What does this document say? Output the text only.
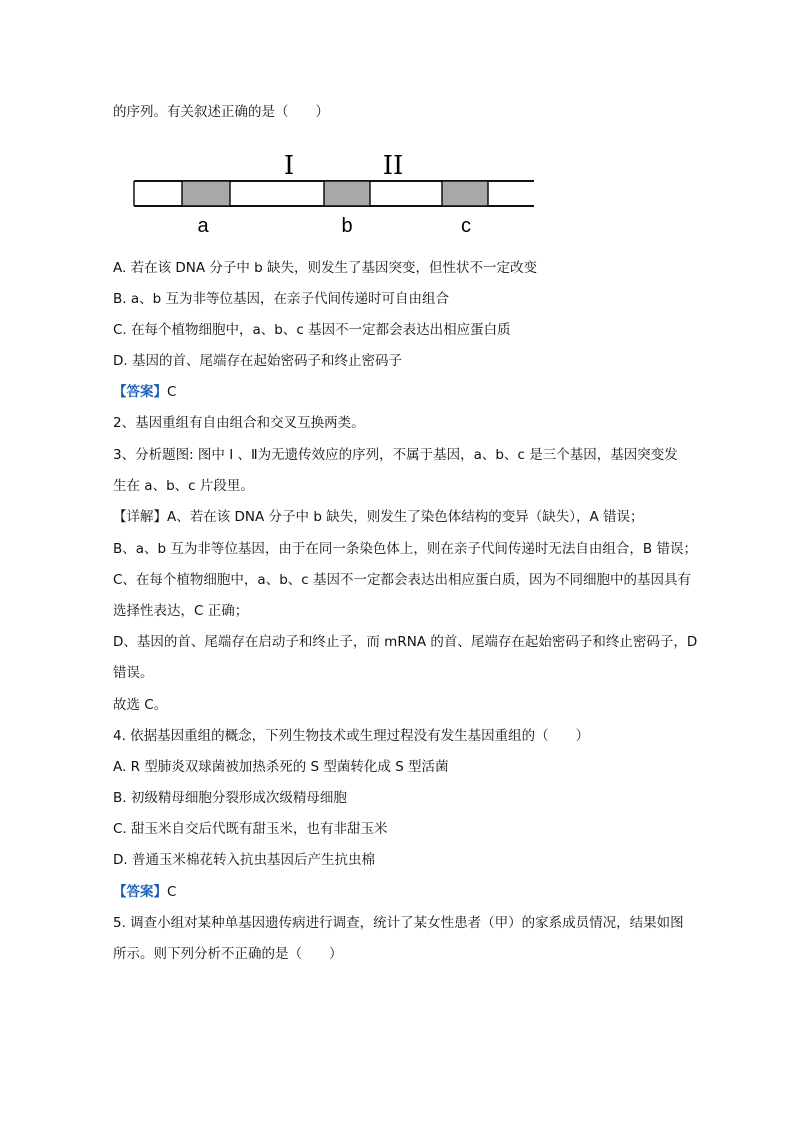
的序列。有关叙述正确的是（　　）
I	II
a	b	c
A. 若在该 DNA 分子中 b 缺失，则发生了基因突变，但性状不一定改变
B. a、b 互为非等位基因，在亲子代间传递时可自由组合
C. 在每个植物细胞中，a、b、c 基因不一定都会表达出相应蛋白质
D. 基因的首、尾端存在起始密码子和终止密码子
【答案】C
2、基因重组有自由组合和交叉互换两类。
3、分析题图: 图中 Ⅰ 、Ⅱ为无遗传效应的序列，不属于基因，a、b、c 是三个基因，基因突变发
生在 a、b、c 片段里。
【详解】A、若在该 DNA 分子中 b 缺失，则发生了染色体结构的变异（缺失），A 错误；
B、a、b 互为非等位基因，由于在同一条染色体上，则在亲子代间传递时无法自由组合，B 错误；
C、在每个植物细胞中，a、b、c 基因不一定都会表达出相应蛋白质，因为不同细胞中的基因具有
选择性表达，C 正确；
D、基因的首、尾端存在启动子和终止子，而 mRNA 的首、尾端存在起始密码子和终止密码子，D
错误。
故选 C。
4. 依据基因重组的概念，下列生物技术或生理过程没有发生基因重组的（　　）
A. R 型肺炎双球菌被加热杀死的 S 型菌转化成 S 型活菌
B. 初级精母细胞分裂形成次级精母细胞
C. 甜玉米自交后代既有甜玉米，也有非甜玉米
D. 普通玉米棉花转入抗虫基因后产生抗虫棉
【答案】C
5. 调查小组对某种单基因遗传病进行调查，统计了某女性患者（甲）的家系成员情况，结果如图
所示。则下列分析不正确的是（　　）
